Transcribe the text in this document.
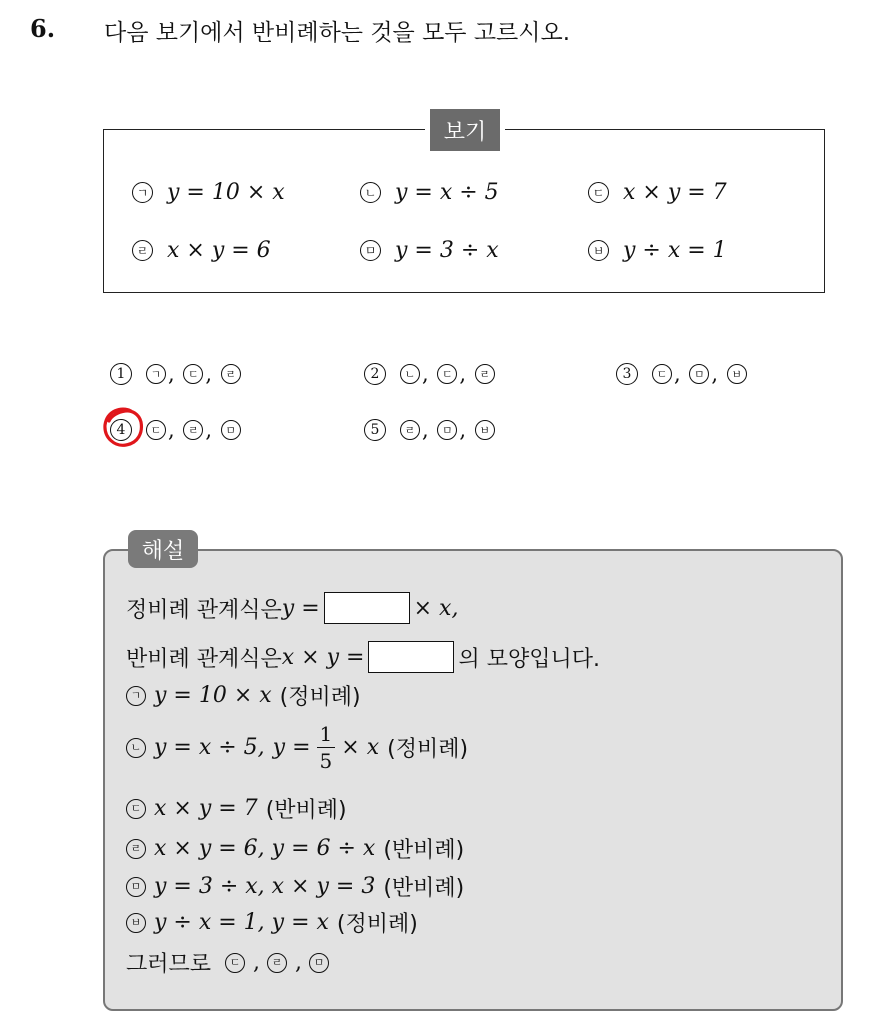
6. 다음 보기에서 반비례하는 것을 모두 고르시오.
보기
ㄱ y = 10 × x	ㄴ y = x ÷ 5	ㄷ x × y = 7
ㄹ x × y = 6	ㅁ y = 3 ÷ x	ㅂ y ÷ x = 1
1	ㄱ , ㄷ , ㄹ	2	ㄴ , ㄷ , ㄹ	3	ㄷ , ㅁ , ㅂ
4	ㄷ , ㄹ , ㅁ	5	ㄹ , ㅁ , ㅂ
해설
정비례 관계식은 y =	× x,
반비례 관계식은 x × y =	의 모양입니다.
ㄱ y = 10 × x (정비례)
ㄴ y = x ÷ 5, $y = \frac{1}{5} \times x$ (정비례)
ㄷ x × y = 7 (반비례)
ㄹ x × y = 6, y = 6 ÷ x (반비례)
ㅁ y = 3 ÷ x, x × y = 3 (반비례)
ㅂ y ÷ x = 1, y = x (정비례)
그러므로
	ㄷ , ㄹ , ㅁ
